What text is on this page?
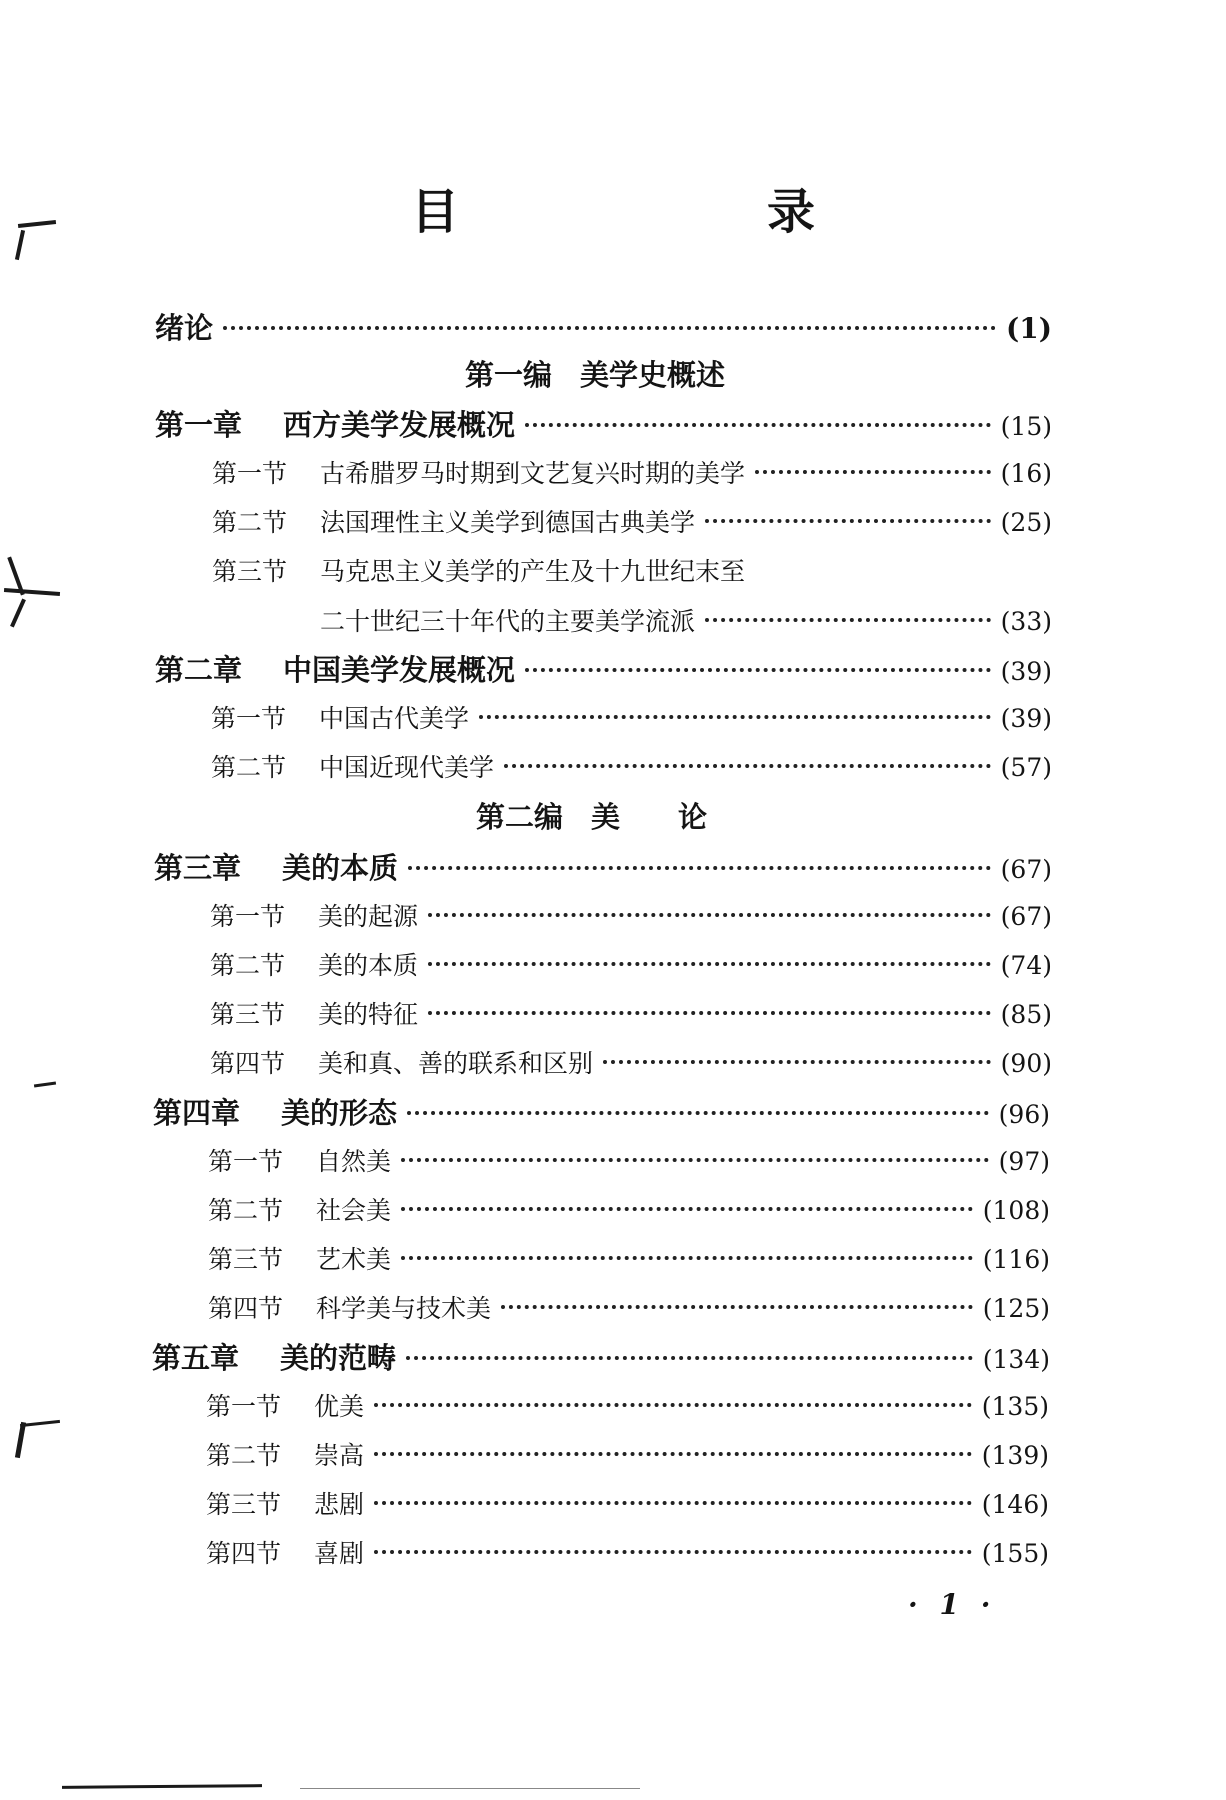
目　录
绪论	(1)
第一编 美学史概述
第一章	西方美学发展概况	(15)
第一节	古希腊罗马时期到文艺复兴时期的美学	(16)
第二节	法国理性主义美学到德国古典美学	(25)
第三节	马克思主义美学的产生及十九世纪末至
二十世纪三十年代的主要美学流派	(33)
第二章	中国美学发展概况	(39)
第一节	中国古代美学	(39)
第二节	中国近现代美学	(57)
第二编 美　　论
第三章	美的本质	(67)
第一节	美的起源	(67)
第二节	美的本质	(74)
第三节	美的特征	(85)
第四节	美和真、善的联系和区别	(90)
第四章	美的形态	(96)
第一节	自然美	(97)
第二节	社会美	(108)
第三节	艺术美	(116)
第四节	科学美与技术美	(125)
第五章	美的范畴	(134)
第一节	优美	(135)
第二节	崇高	(139)
第三节	悲剧	(146)
第四节	喜剧	(155)
· 1 ·
